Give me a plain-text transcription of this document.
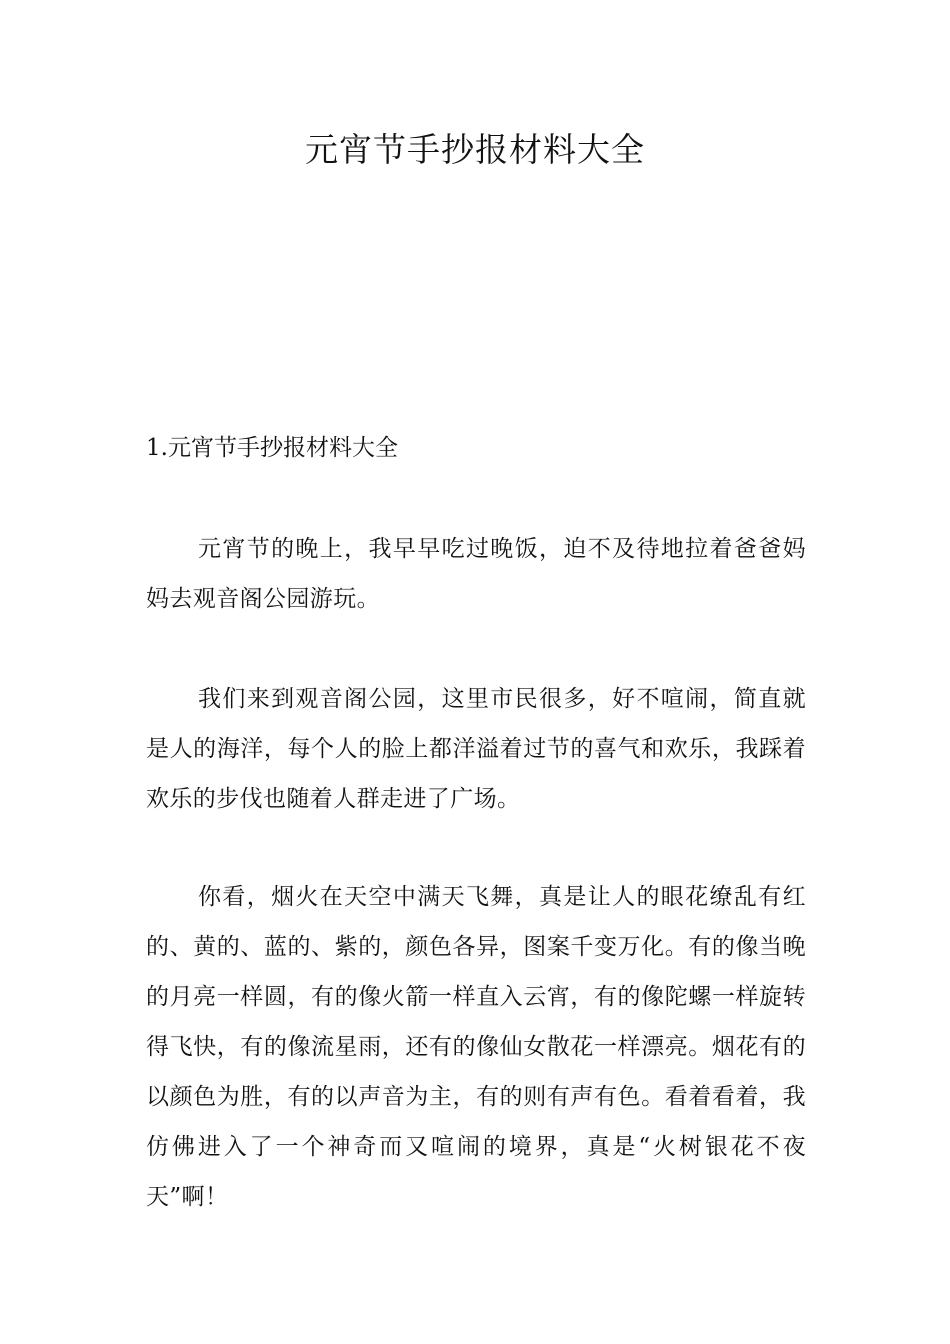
元宵节手抄报材料大全
1.元宵节手抄报材料大全

元宵节的晚上，我早早吃过晚饭，迫不及待地拉着爸爸妈妈去观音阁公园游玩。

我们来到观音阁公园，这里市民很多，好不喧闹，简直就是人的海洋，每个人的脸上都洋溢着过节的喜气和欢乐，我踩着欢乐的步伐也随着人群走进了广场。

你看，烟火在天空中满天飞舞，真是让人的眼花缭乱有红的、黄的、蓝的、紫的，颜色各异，图案千变万化。有的像当晚的月亮一样圆，有的像火箭一样直入云宵，有的像陀螺一样旋转得飞快，有的像流星雨，还有的像仙女散花一样漂亮。烟花有的以颜色为胜，有的以声音为主，有的则有声有色。看着看着，我仿佛进入了一个神奇而又喧闹的境界，真是“火树银花不夜天”啊！
